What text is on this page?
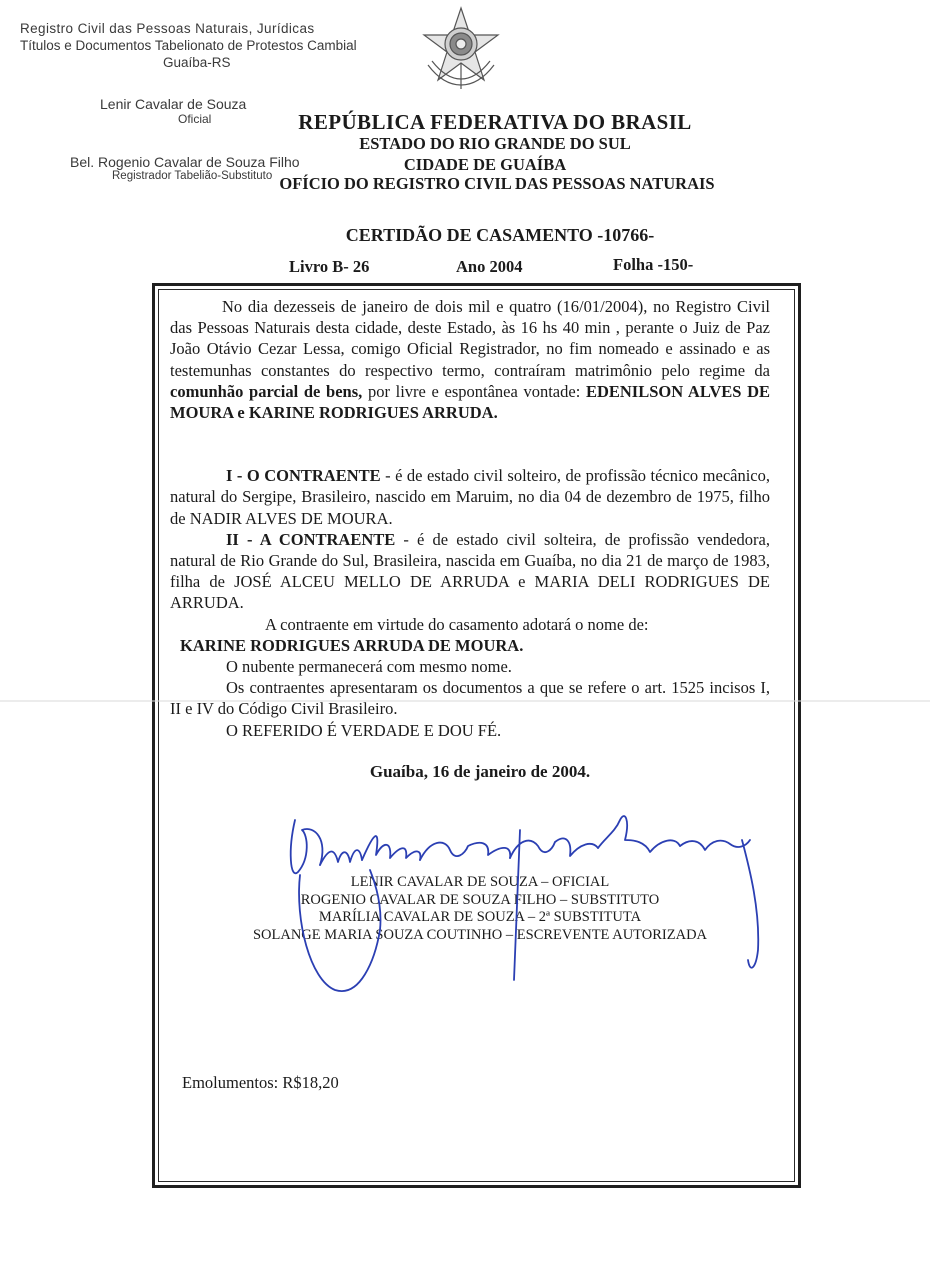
Registro Civil das Pessoas Naturais, Jurídicas
Títulos e Documentos Tabelionato de Protestos Cambial
Guaíba-RS
Lenir Cavalar de Souza
Oficial
Bel. Rogenio Cavalar de Souza Filho
Registrador Tabelião-Substituto
REPÚBLICA FEDERATIVA DO BRASIL
ESTADO DO RIO GRANDE DO SUL
CIDADE DE GUAÍBA
OFÍCIO DO REGISTRO CIVIL DAS PESSOAS NATURAIS
CERTIDÃO DE CASAMENTO -10766-
Livro B- 26	Ano 2004	Folha -150-

No dia dezesseis de janeiro de dois mil e quatro (16/01/2004), no Registro Civil das Pessoas Naturais desta cidade, deste Estado, às 16 hs 40 min , perante o Juiz de Paz João Otávio Cezar Lessa, comigo Oficial Registrador, no fim nomeado e assinado e as testemunhas constantes do respectivo termo, contraíram matrimônio pelo regime da comunhão parcial de bens, por livre e espontânea vontade: EDENILSON ALVES DE MOURA e KARINE RODRIGUES ARRUDA.

I - O CONTRAENTE - é de estado civil solteiro, de profissão técnico mecânico, natural do Sergipe, Brasileiro, nascido em Maruim, no dia 04 de dezembro de 1975, filho de NADIR ALVES DE MOURA.

II - A CONTRAENTE - é de estado civil solteira, de profissão vendedora, natural de Rio Grande do Sul, Brasileira, nascida em Guaíba, no dia 21 de março de 1983, filha de JOSÉ ALCEU MELLO DE ARRUDA e MARIA DELI RODRIGUES DE ARRUDA.

A contraente em virtude do casamento adotará o nome de:

KARINE RODRIGUES ARRUDA DE MOURA.

O nubente permanecerá com mesmo nome.

Os contraentes apresentaram os documentos a que se refere o art. 1525 incisos I, II e IV do Código Civil Brasileiro.

O REFERIDO É VERDADE E DOU FÉ.

Guaíba, 16 de janeiro de 2004.
LENIR CAVALAR DE SOUZA – OFICIAL
ROGENIO CAVALAR DE SOUZA FILHO – SUBSTITUTO
MARÍLIA CAVALAR DE SOUZA – 2ª SUBSTITUTA
SOLANGE MARIA SOUZA COUTINHO – ESCREVENTE AUTORIZADA
Emolumentos: R$18,20
